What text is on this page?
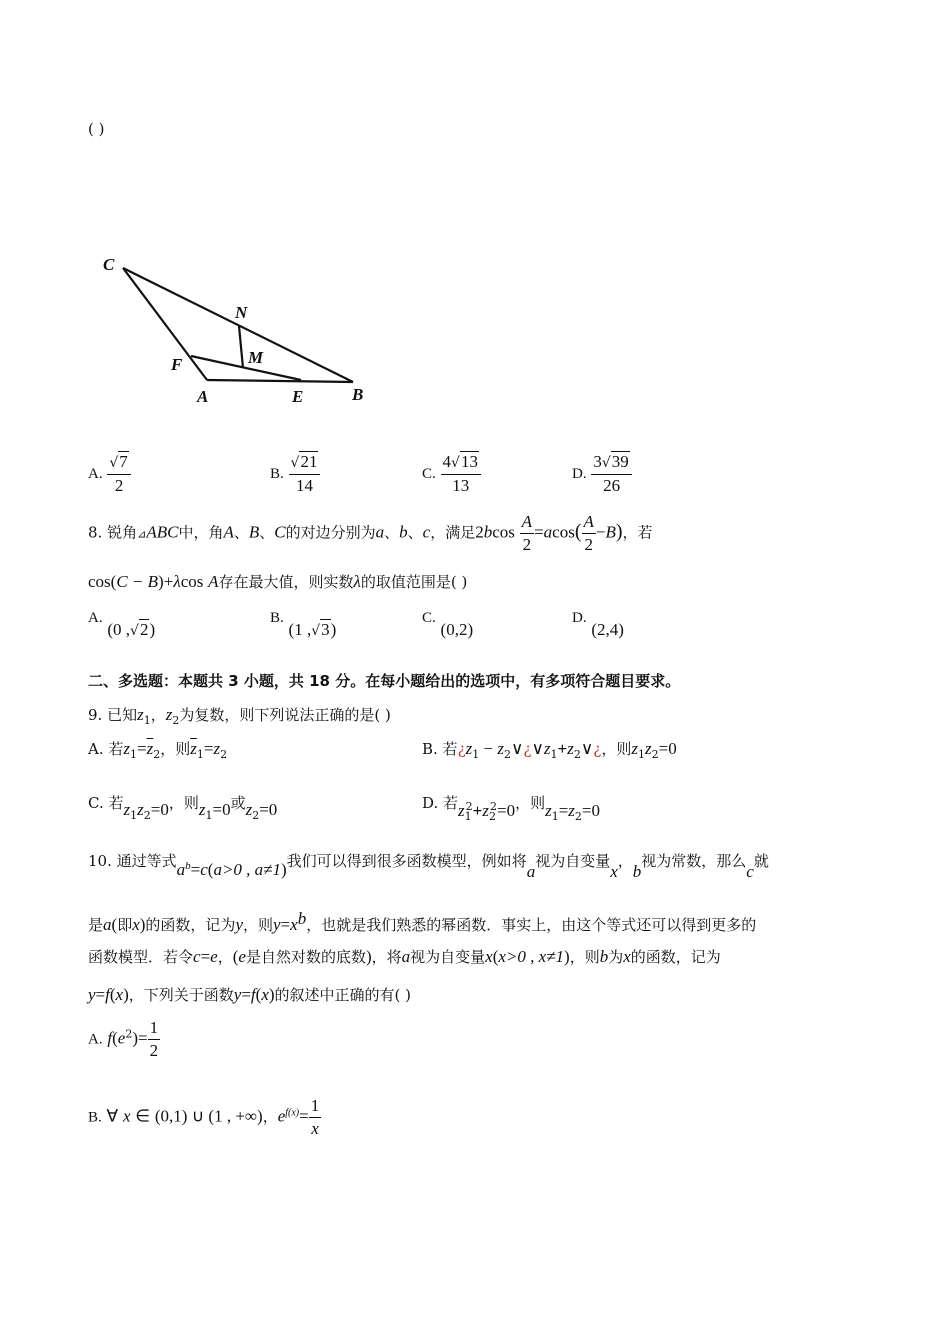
( )
C
N
M
F
A	E	B
A. $\frac{√7}{2}$	B. $\frac{√21}{14}$	C. $\frac{4√13}{13}$	D. $\frac{3√39}{26}$
8. 锐角⊿ABC中，角A、B、C的对边分别为a、b、c，满足$2bcos \frac{A}{2} =acos( \frac{A}{2} -B)$，若
cos(C − B)+λcos A存在最大值，则实数λ的取值范围是( )
A. (0 ,√2)
B. (1 ,√3)
C. (0,2)
D. (2,4)
二、多选题：本题共 3 小题，共 18 分。在每小题给出的选项中，有多项符合题目要求。
9. 已知$z_1$，$z_2$为复数，则下列说法正确的是( )
A. 若$z_1=\overline{z}_2$，则$\overline{z}_1=z_2$	B. 若¿$z_1$ − $z_2\vee¿\vee z_1+z_2\vee¿$，则$z_1z_2=0$
C. 若$z_1z_2=0$，则$z_1=0$或$z_2=0$	D. 若$z_1^2+z_2^2=0$，则$z_1=z_2=0$
10. 通过等式$a^b=c(a>0$ , a≠1)我们可以得到很多函数模型，例如将a视为自变量x，b视为常数，那么c就
是a(即x)的函数，记为y，则$y=x^b$，也就是我们熟悉的幂函数．事实上，由这个等式还可以得到更多的
函数模型．若令c=e，(e是自然对数的底数)，将a视为自变量x(x>0 , x≠1)，则b为x的函数，记为
y=f(x)，下列关于函数y=f(x)的叙述中正确的有( )
A. $f(e^2)= \frac{1}{2}$
B. ∀ x ∈ (0,1) ∪ (1 , +∞)，$e^{f(x)}= \frac{1}{x}$
